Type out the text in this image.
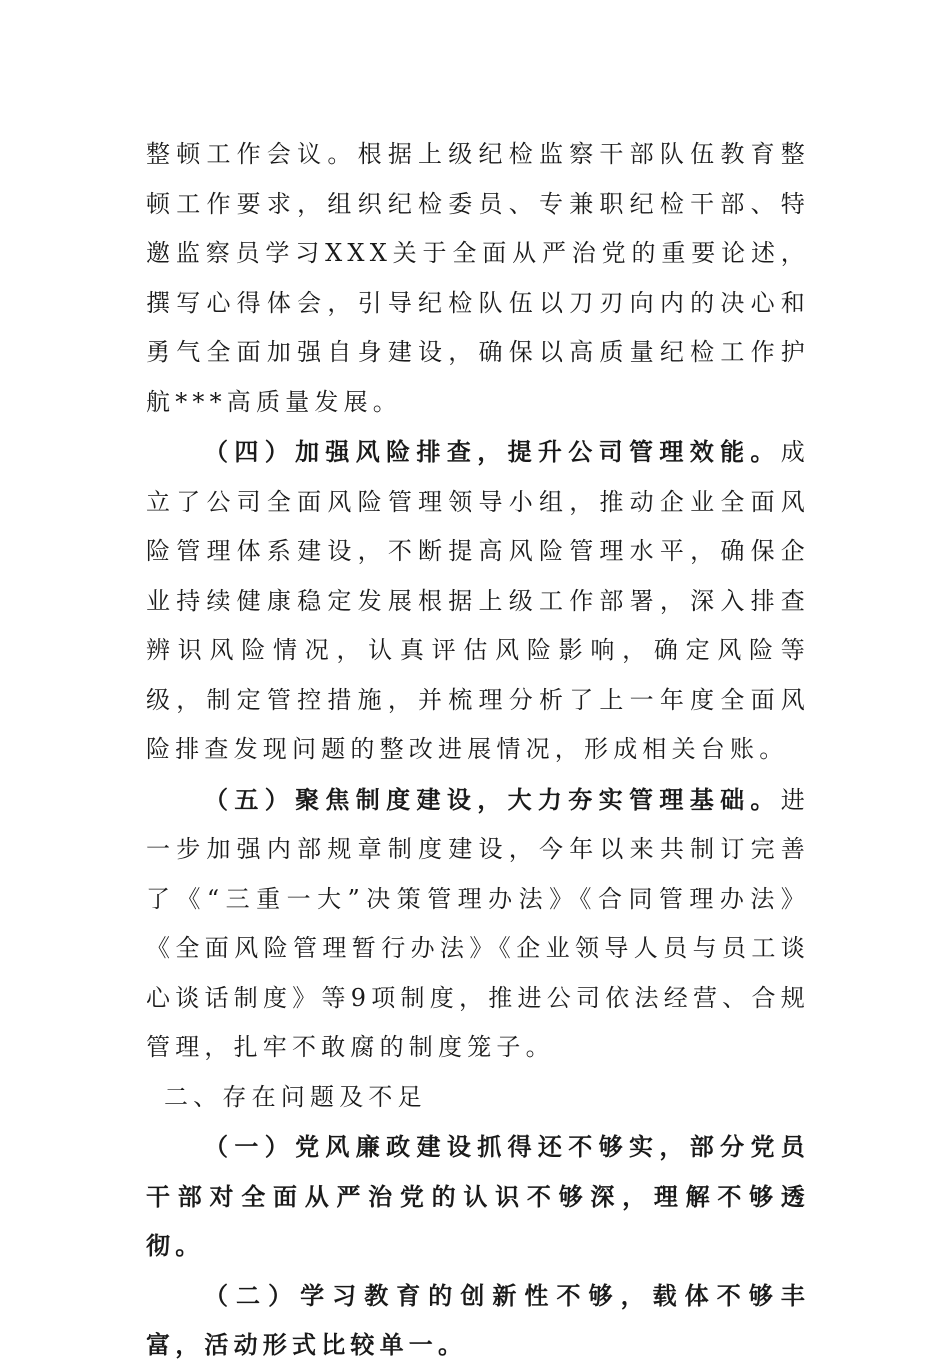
整顿工作会议。根据上级纪检监察干部队伍教育整顿工作要求，组织纪检委员、专兼职纪检干部、特邀监察员学习XXX关于全面从严治党的重要论述，撰写心得体会，引导纪检队伍以刀刃向内的决心和勇气全面加强自身建设，确保以高质量纪检工作护航***高质量发展。

（四）加强风险排查，提升公司管理效能。成立了公司全面风险管理领导小组，推动企业全面风险管理体系建设，不断提高风险管理水平，确保企业持续健康稳定发展根据上级工作部署，深入排查辨识风险情况，认真评估风险影响，确定风险等级，制定管控措施，并梳理分析了上一年度全面风险排查发现问题的整改进展情况，形成相关台账。

（五）聚焦制度建设，大力夯实管理基础。进一步加强内部规章制度建设，今年以来共制订完善了《“三重一大”决策管理办法》《合同管理办法》《全面风险管理暂行办法》《企业领导人员与员工谈心谈话制度》等9项制度，推进公司依法经营、合规管理，扎牢不敢腐的制度笼子。

二、存在问题及不足

（一）党风廉政建设抓得还不够实，部分党员干部对全面从严治党的认识不够深，理解不够透彻。

（二）学习教育的创新性不够，载体不够丰富，活动形式比较单一。
